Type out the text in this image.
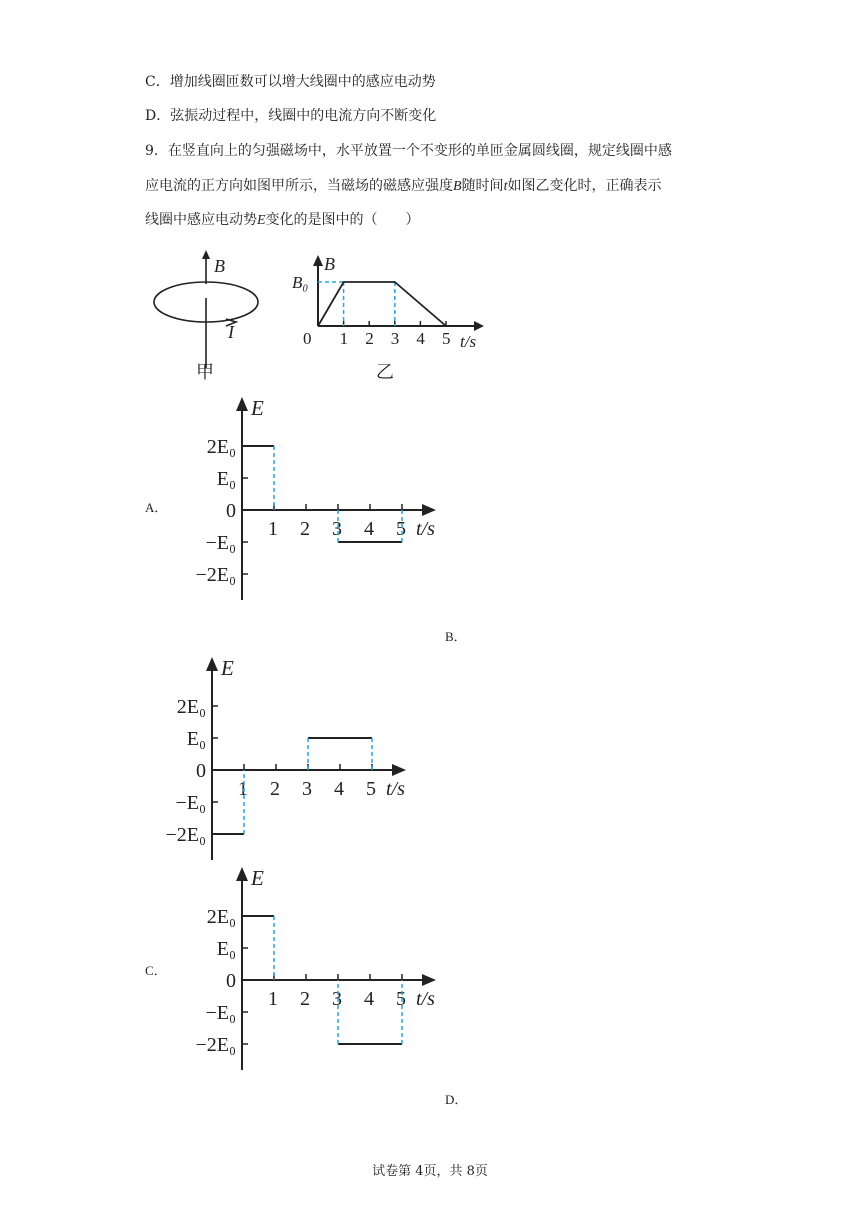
C．增加线圈匝数可以增大线圈中的感应电动势
D．弦振动过程中，线圈中的电流方向不断变化
9．在竖直向上的匀强磁场中，水平放置一个不变形的单匝金属圆线圈，规定线圈中感
应电流的正方向如图甲所示，当磁场的磁感应强度B随时间t如图乙变化时，正确表示
线圈中感应电动势E变化的是图中的（　　）
B
I
甲
B
B₀
1 2 3 4 5
0	t/s
乙
A．
B．
C．
D．
E
2E₀
E₀
0
−E₀
−2E₀
1 2 3 4 5 t/s
E
2E₀
E₀
0
−E₀
−2E₀
1 2 3 4 5 t/s
E
2E₀
E₀
0
−E₀
−2E₀
1 2 3 4 5 t/s
试卷第 4页，共 8页
